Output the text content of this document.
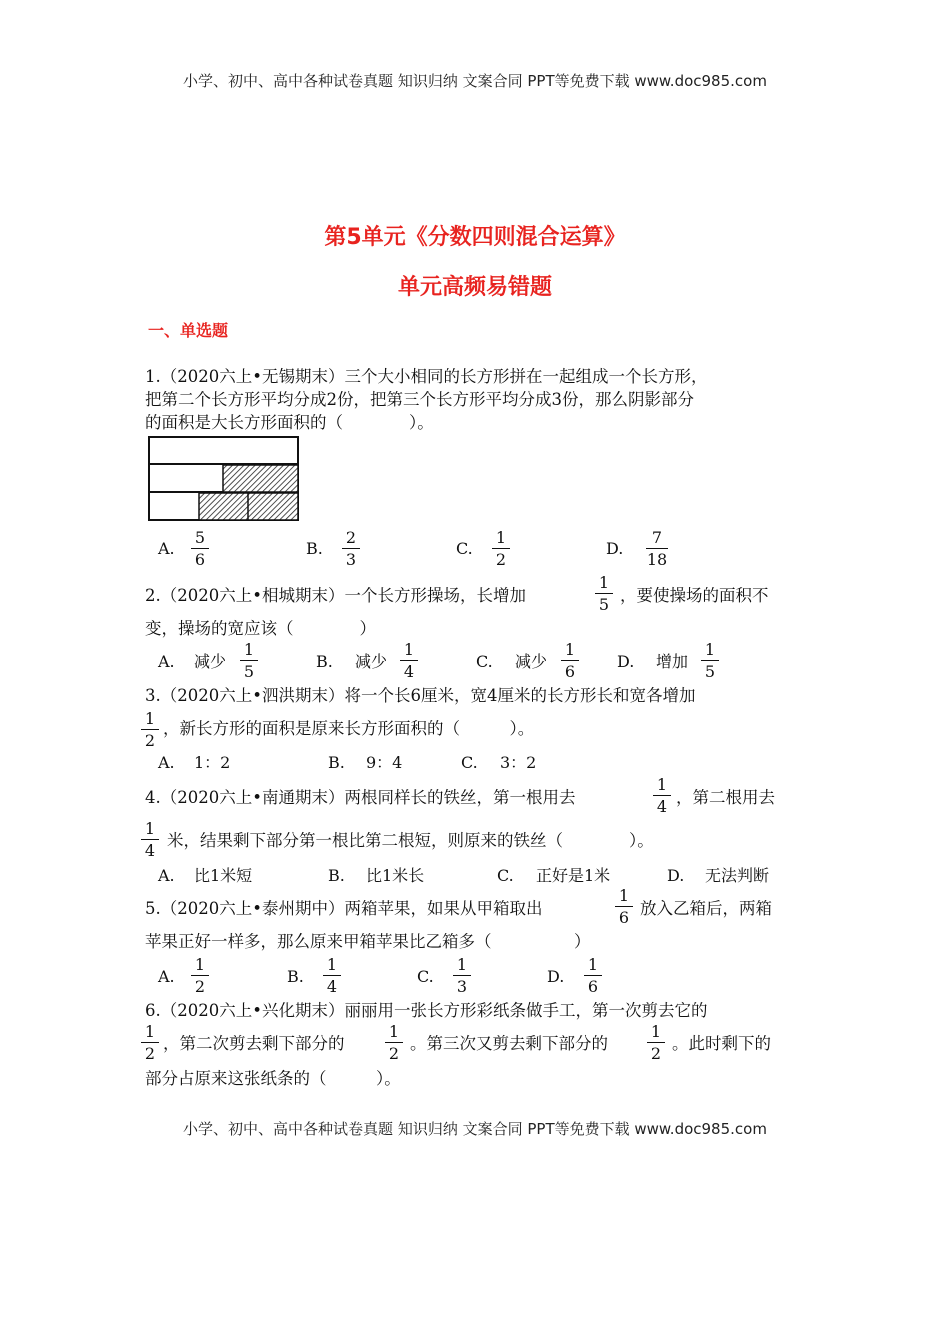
小学、初中、高中各种试卷真题 知识归纳 文案合同 PPT等免费下载 www.doc985.com
小学、初中、高中各种试卷真题 知识归纳 文案合同 PPT等免费下载 www.doc985.com
第5单元《分数四则混合运算》
单元高频易错题
一、单选题
1.（2020六上•无锡期末）三个大小相同的长方形拼在一起组成一个长方形，
把第二个长方形平均分成2份，把第三个长方形平均分成3份，那么阴影部分
的面积是大长方形面积的（　　　　）。
A.
5
6
B.
2
3
C.
1
2
D.
7
18
2.（2020六上•相城期末）一个长方形操场，长增加
1
5 ，要使操场的面积不
变，操场的宽应该（　　　　）
A. 减少
1
5
B. 减少
1
4
C. 减少
1
6
D. 增加
1
5
3.（2020六上•泗洪期末）将一个长6厘米，宽4厘米的长方形长和宽各增加
1
2
，新长方形的面积是原来长方形面积的（　　　）。
A. 1：2	B. 9：4	C. 3：2
4.（2020六上•南通期末）两根同样长的铁丝，第一根用去
1
4 ，第二根用去
1
4
米，结果剩下部分第一根比第二根短，则原来的铁丝（　　　　）。
A. 比1米短	B. 比1米长	C. 正好是1米	D. 无法判断
5.（2020六上•泰州期中）两箱苹果，如果从甲箱取出
1
6 放入乙箱后，两箱
苹果正好一样多，那么原来甲箱苹果比乙箱多（　　　　　）
A.
1
2
B.
1
4
C.
1
3
D.
1
6
6.（2020六上•兴化期末）丽丽用一张长方形彩纸条做手工，第一次剪去它的
1
2
，第二次剪去剩下部分的
1
2
。第三次又剪去剩下部分的
1
2
。此时剩下的
部分占原来这张纸条的（　　　）。
